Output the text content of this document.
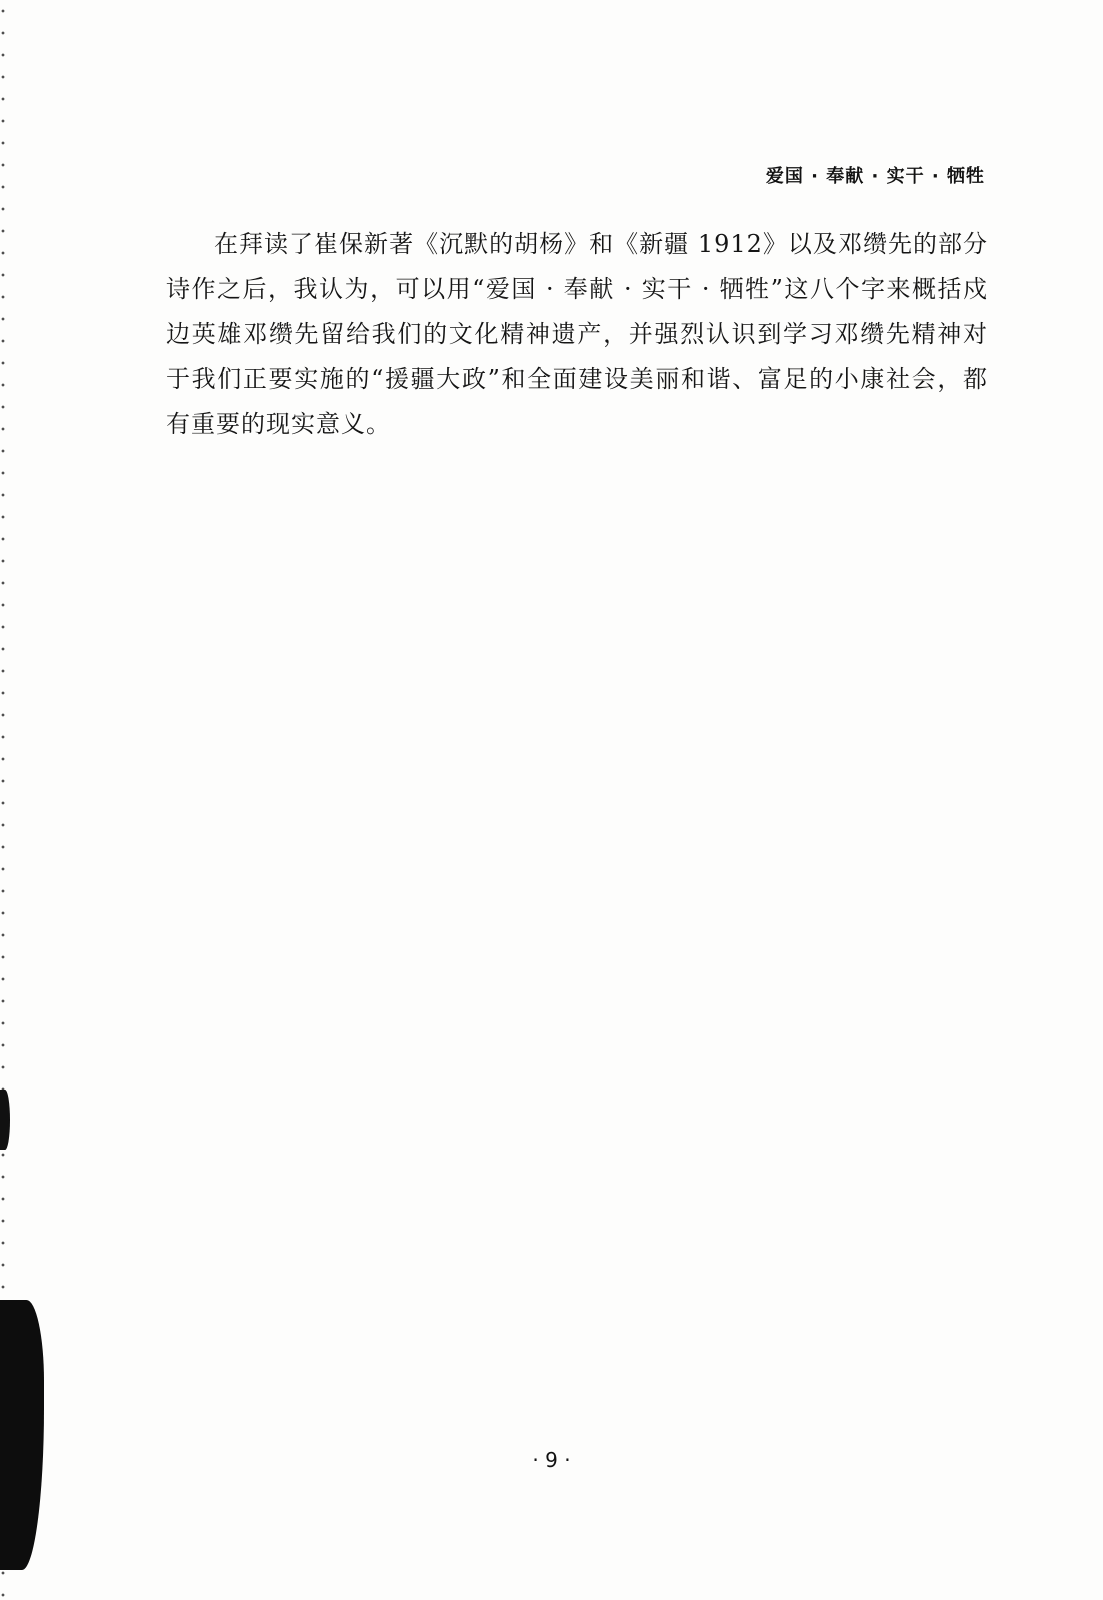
爱国 · 奉献 · 实干 · 牺牲

在拜读了崔保新著《沉默的胡杨》和《新疆 1912》以及邓缵先的部分诗作之后，我认为，可以用“爱国 · 奉献 · 实干 · 牺牲”这八个字来概括戍边英雄邓缵先留给我们的文化精神遗产，并强烈认识到学习邓缵先精神对于我们正要实施的“援疆大政”和全面建设美丽和谐、富足的小康社会，都有重要的现实意义。

· 9 ·
